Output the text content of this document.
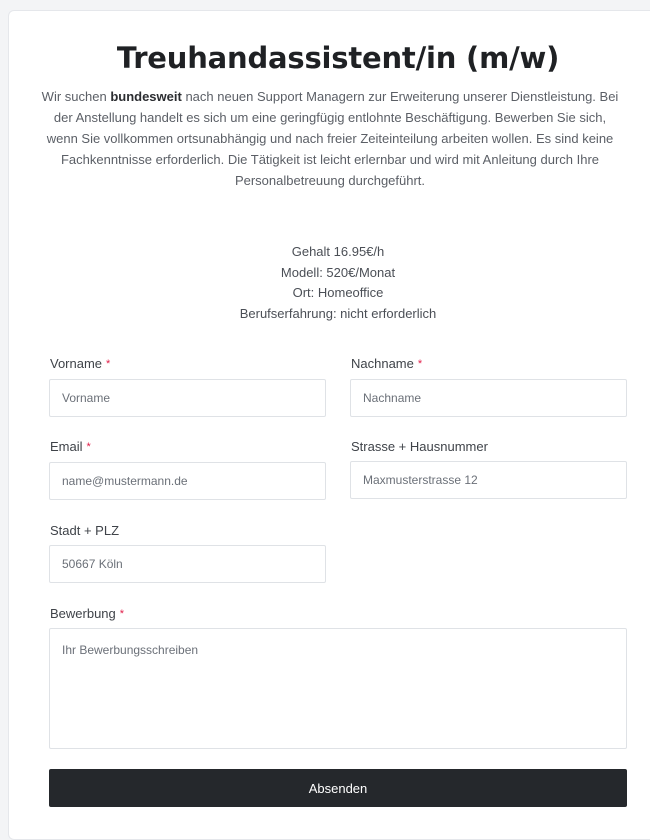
Treuhandassistent/in (m/w)

Wir suchen bundesweit nach neuen Support Managern zur Erweiterung unserer Dienstleistung. Bei der Anstellung handelt es sich um eine geringfügig entlohnte Beschäftigung. Bewerben Sie sich, wenn Sie vollkommen ortsunabhängig und nach freier Zeiteinteilung arbeiten wollen. Es sind keine Fachkenntnisse erforderlich. Die Tätigkeit ist leicht erlernbar und wird mit Anleitung durch Ihre Personalbetreuung durchgeführt.

Gehalt 16.95€/h
Modell: 520€/Monat
Ort: Homeoffice
Berufserfahrung: nicht erforderlich
Vorname *
Vorname	Nachname *
Nachname
Email *
name@mustermann.de	Strasse + Hausnummer
Maxmusterstrasse 12
Stadt + PLZ
50667 Köln
Bewerbung *
Ihr Bewerbungsschreiben
Absenden
